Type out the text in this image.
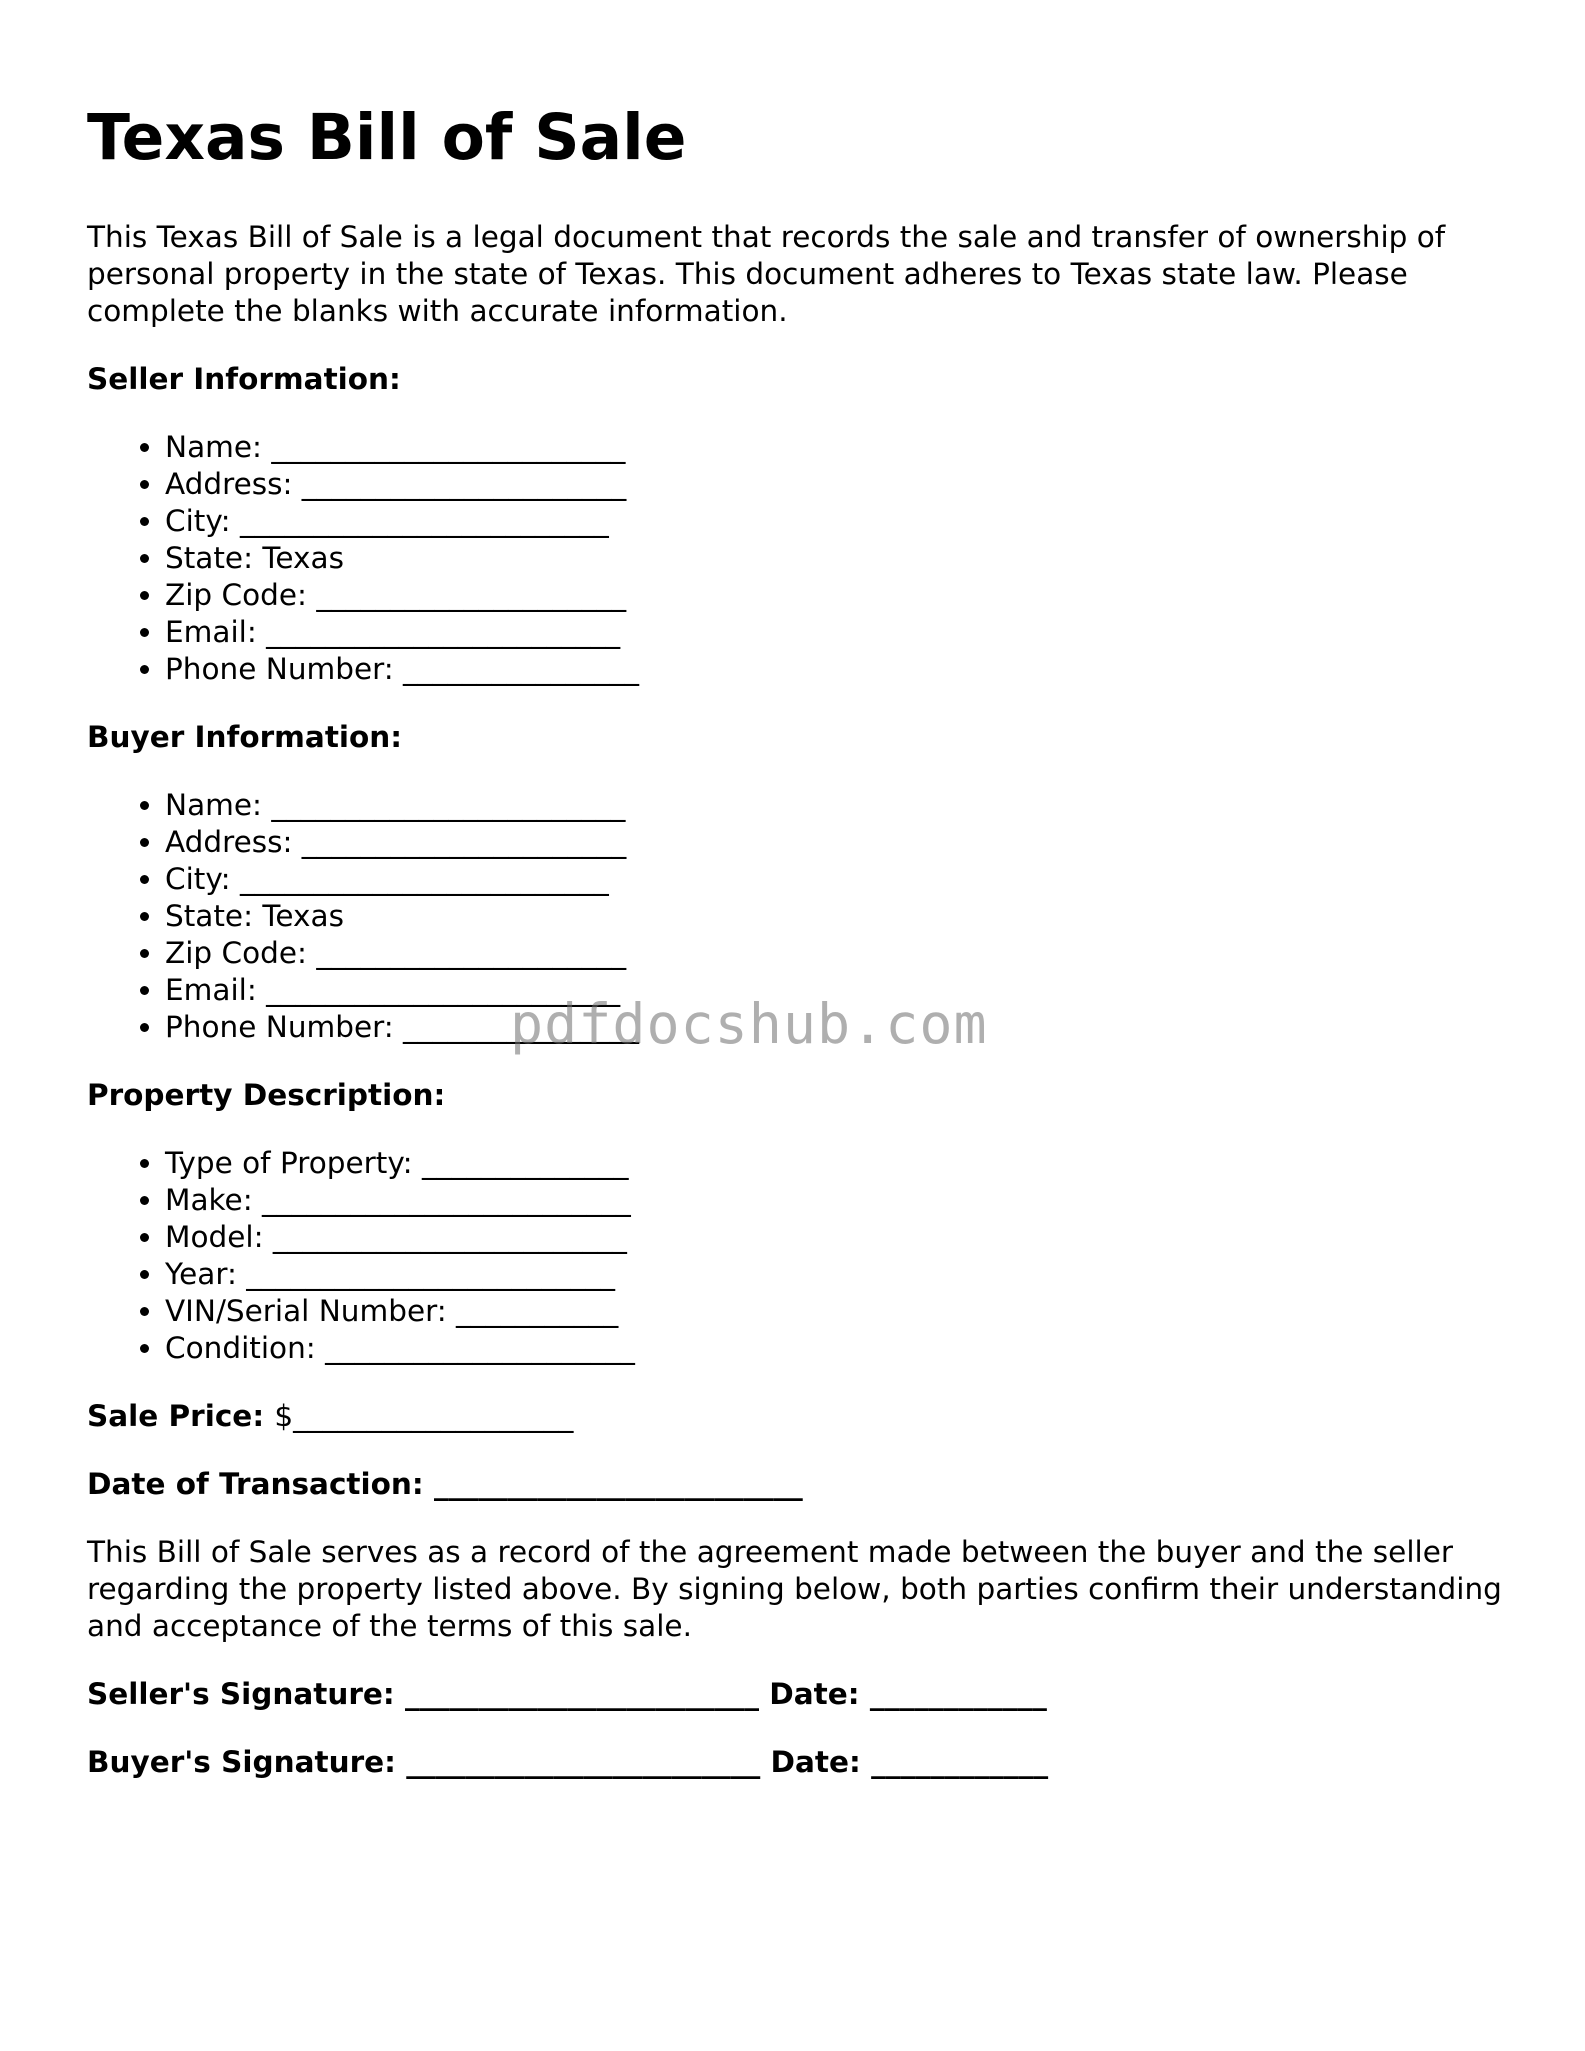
Texas Bill of Sale

This Texas Bill of Sale is a legal document that records the sale and transfer of ownership of personal property in the state of Texas. This document adheres to Texas state law. Please complete the blanks with accurate information.

Seller Information:
• Name: ________________________
• Address: ______________________
• City: _________________________
• State: Texas
• Zip Code: _____________________
• Email: ________________________
• Phone Number: ________________
Buyer Information:
• Name: ________________________
• Address: ______________________
• City: _________________________
• State: Texas
• Zip Code: _____________________
• Email: ________________________
• Phone Number: ________________
Property Description:
• Type of Property: ______________
• Make: _________________________
• Model: ________________________
• Year: _________________________
• VIN/Serial Number: ___________
• Condition: _____________________
Sale Price: $___________________
Date of Transaction: _________________________

This Bill of Sale serves as a record of the agreement made between the buyer and the seller regarding the property listed above. By signing below, both parties confirm their understanding and acceptance of the terms of this sale.

Seller's Signature: ________________________ Date: ____________
Buyer's Signature: ________________________ Date: ____________
pdfdocshub.com
